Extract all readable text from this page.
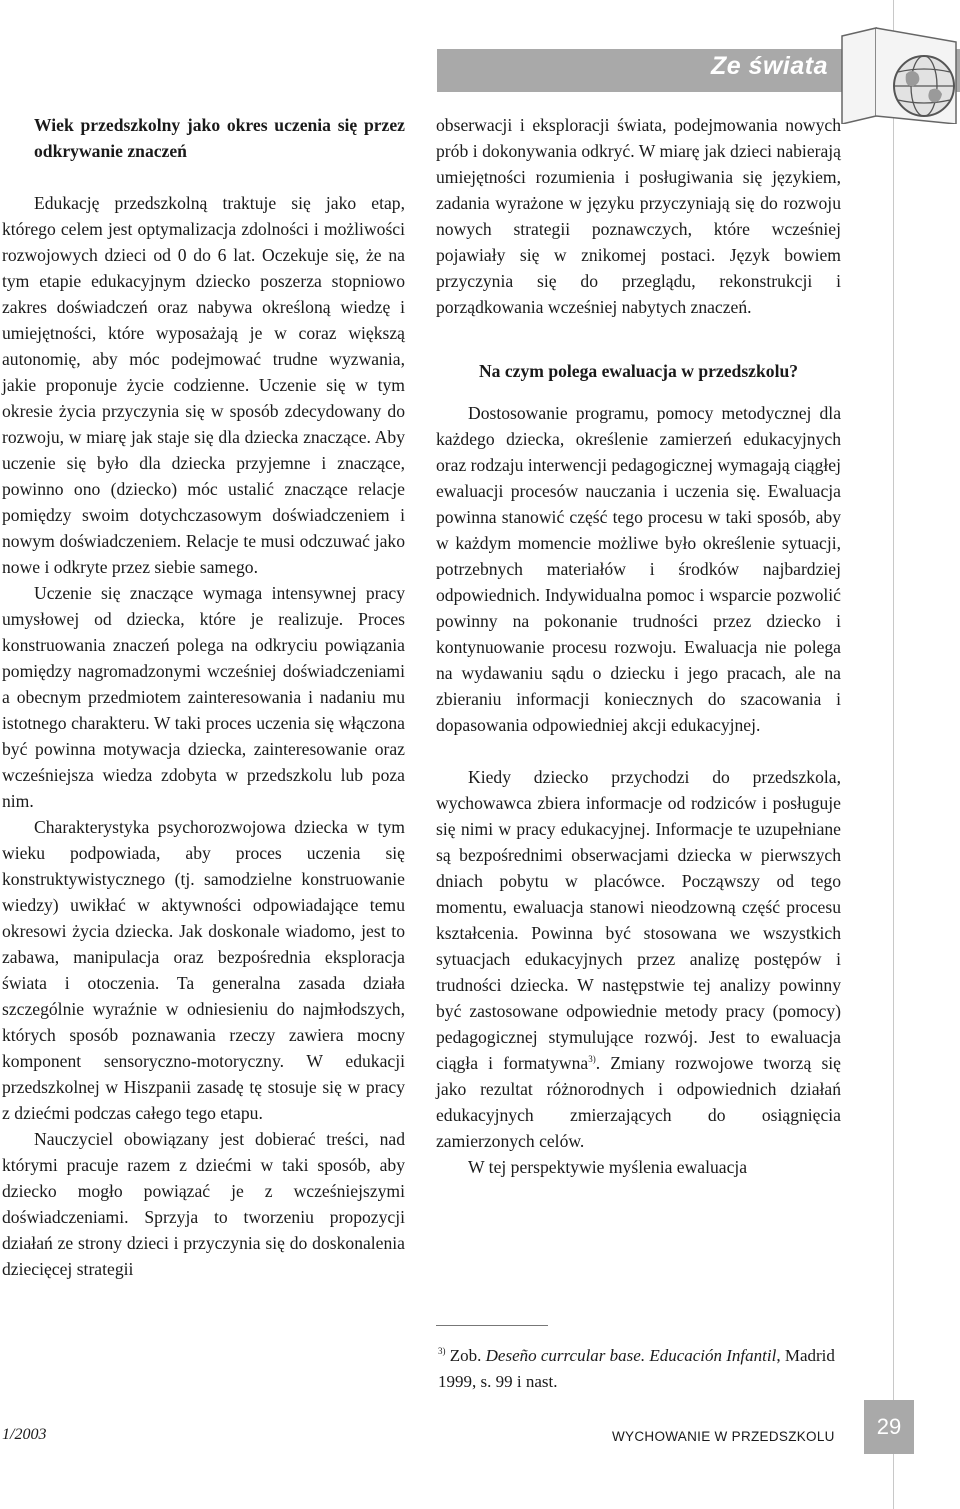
Ze świata

Wiek przedszkolny jako okres uczenia się przez odkrywanie znaczeń

Edukację przedszkolną traktuje się jako etap, którego celem jest optymalizacja zdolności i możliwości rozwojowych dzieci od 0 do 6 lat. Oczekuje się, że na tym etapie edukacyjnym dziecko poszerza stopniowo zakres doświadczeń oraz nabywa określoną wiedzę i umiejętności, które wyposażają je w coraz większą autonomię, aby móc podejmować trudne wyzwania, jakie proponuje życie codzienne. Uczenie się w tym okresie życia przyczynia się w sposób zdecydowany do rozwoju, w miarę jak staje się dla dziecka znaczące. Aby uczenie się było dla dziecka przyjemne i znaczące, powinno ono (dziecko) móc ustalić znaczące relacje pomiędzy swoim dotychczasowym doświadczeniem i nowym doświadczeniem. Relacje te musi odczuwać jako nowe i odkryte przez siebie samego.

Uczenie się znaczące wymaga intensywnej pracy umysłowej od dziecka, które je realizuje. Proces konstruowania znaczeń polega na odkryciu powiązania pomiędzy nagromadzonymi wcześniej doświadczeniami a obecnym przedmiotem zainteresowania i nadaniu mu istotnego charakteru. W taki proces uczenia się włączona być powinna motywacja dziecka, zainteresowanie oraz wcześniejsza wiedza zdobyta w przedszkolu lub poza nim.

Charakterystyka psychorozwojowa dziecka w tym wieku podpowiada, aby proces uczenia się konstruktywistycznego (tj. samodzielne konstruowanie wiedzy) uwikłać w aktywności odpowiadające temu okresowi życia dziecka. Jak doskonale wiadomo, jest to zabawa, manipulacja oraz bezpośrednia eksploracja świata i otoczenia. Ta generalna zasada działa szczególnie wyraźnie w odniesieniu do najmłodszych, których sposób poznawania rzeczy zawiera mocny komponent sensoryczno-motoryczny. W edukacji przedszkolnej w Hiszpanii zasadę tę stosuje się w pracy z dziećmi podczas całego tego etapu.

Nauczyciel obowiązany jest dobierać treści, nad którymi pracuje razem z dziećmi w taki sposób, aby dziecko mogło powiązać je z wcześniejszymi doświadczeniami. Sprzyja to tworzeniu propozycji działań ze strony dzieci i przyczynia się do doskonalenia dziecięcej strategii

obserwacji i eksploracji świata, podejmowania nowych prób i dokonywania odkryć. W miarę jak dzieci nabierają umiejętności rozumienia i posługiwania się językiem, zadania wyrażone w języku przyczyniają się do rozwoju nowych strategii poznawczych, które wcześniej pojawiały się w znikomej postaci. Język bowiem przyczynia się do przeglądu, rekonstrukcji i porządkowania wcześniej nabytych znaczeń.

Na czym polega ewaluacja w przedszkolu?

Dostosowanie programu, pomocy metodycznej dla każdego dziecka, określenie zamierzeń edukacyjnych oraz rodzaju interwencji pedagogicznej wymagają ciągłej ewaluacji procesów nauczania i uczenia się. Ewaluacja powinna stanowić część tego procesu w taki sposób, aby w każdym momencie możliwe było określenie sytuacji, potrzebnych materiałów i środków najbardziej odpowiednich. Indywidualna pomoc i wsparcie pozwolić powinny na pokonanie trudności przez dziecko i kontynuowanie procesu rozwoju. Ewaluacja nie polega na wydawaniu sądu o dziecku i jego pracach, ale na zbieraniu informacji koniecznych do szacowania i dopasowania odpowiedniej akcji edukacyjnej.

Kiedy dziecko przychodzi do przedszkola, wychowawca zbiera informacje od rodziców i posługuje się nimi w pracy edukacyjnej. Informacje te uzupełniane są bezpośrednimi obserwacjami dziecka w pierwszych dniach pobytu w placówce. Począwszy od tego momentu, ewaluacja stanowi nieodzowną część procesu kształcenia. Powinna być stosowana we wszystkich sytuacjach edukacyjnych przez analizę postępów i trudności dziecka. W następstwie tej analizy powinny być zastosowane odpowiednie metody pracy (pomocy) pedagogicznej stymulujące rozwój. Jest to ewaluacja ciągła i formatywna$^{3)}$. Zmiany rozwojowe tworzą się jako rezultat różnorodnych i odpowiednich działań edukacyjnych zmierzających do osiągnięcia zamierzonych celów.

W tej perspektywie myślenia ewaluacja

$^{3)}$ Zob. Deseño currcular base. Educación Infantil, Madrid 1999, s. 99 i nast.
1/2003	WYCHOWANIE W PRZEDSZKOLU	29
